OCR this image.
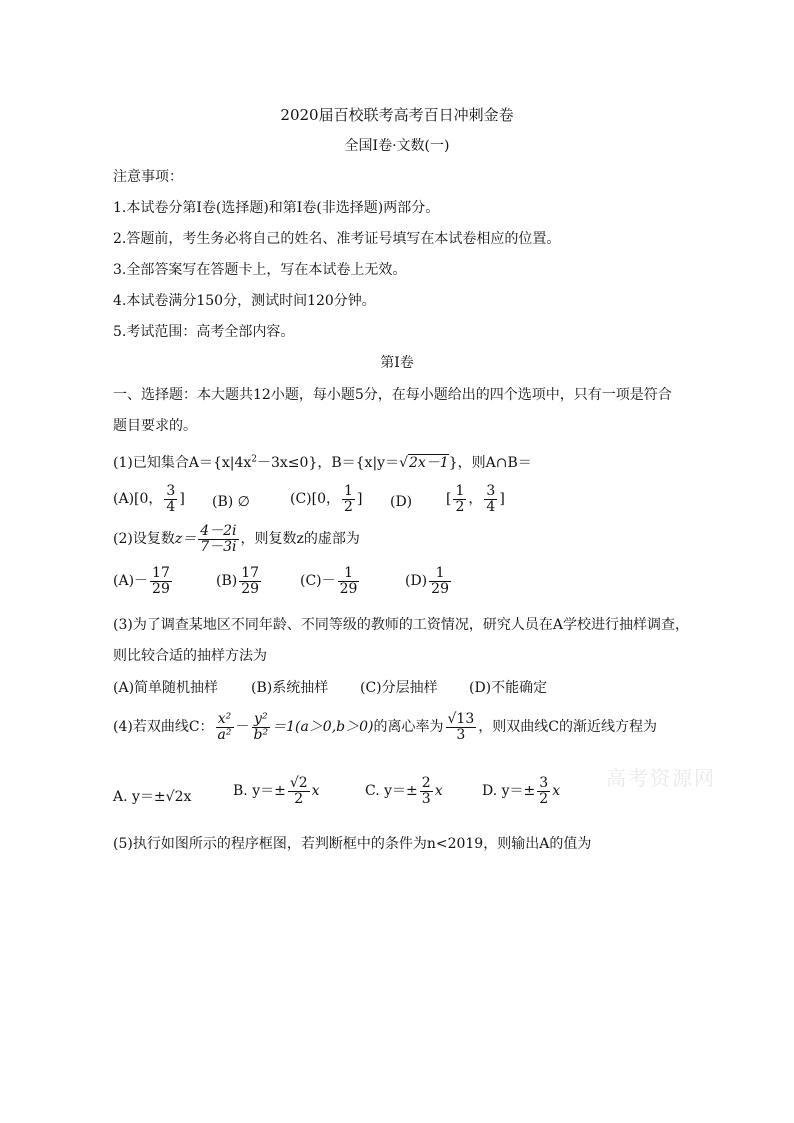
2020届百校联考高考百日冲刺金卷
全国I卷·文数(一)
注意事项：
1.本试卷分第I卷(选择题)和第I卷(非选择题)两部分。
2.答题前，考生务必将自己的姓名、准考证号填写在本试卷相应的位置。
3.全部答案写在答题卡上，写在本试卷上无效。
4.本试卷满分150分，测试时间120分钟。
5.考试范围：高考全部内容。
第I卷
一、选择题：本大题共12小题，每小题5分，在每小题给出的四个选项中，只有一项是符合
题目要求的。
(1)已知集合$A=\{x|4x^2-3x\le 0\}$，B＝{x|y＝√2x－1}，则A∩B＝
(A)[0， $\frac{3}{4}$ ] (B) ∅	(C)[0， $\frac{1}{2}$ ] (D) [ $\frac{1}{2}$ ， $\frac{3}{4}$ ]
(2)设复数$z= \frac{4-2i}{7-3i}$ ，则复数z的虚部为
$(A)- \frac{17}{29}$	$(B) \frac{17}{29}$	$(C)- \frac{1}{29}$	$(D) \frac{1}{29}$
(3)为了调查某地区不同年龄、不同等级的教师的工资情况，研究人员在A学校进行抽样调查，
则比较合适的抽样方法为
(A)简单随机抽样 (B)系统抽样 (C)分层抽样 (D)不能确定
(4)若双曲线C： $\frac{\text{x²}}{\text{a²}} - \frac{\text{y²}}{\text{b²}} =1(a>0,b>0)$的离心率为 $\frac{√13}{3}$ ，则双曲线C的渐近线方程为
A. y＝±√2x	B. $y=\pm \frac{√2}{2}$ x	C. $y=\pm \frac{2}{3}$ x	D. $y=\pm \frac{3}{2}$ x
高考资源网
(5)执行如图所示的程序框图，若判断框中的条件为n<2019，则输出A的值为
